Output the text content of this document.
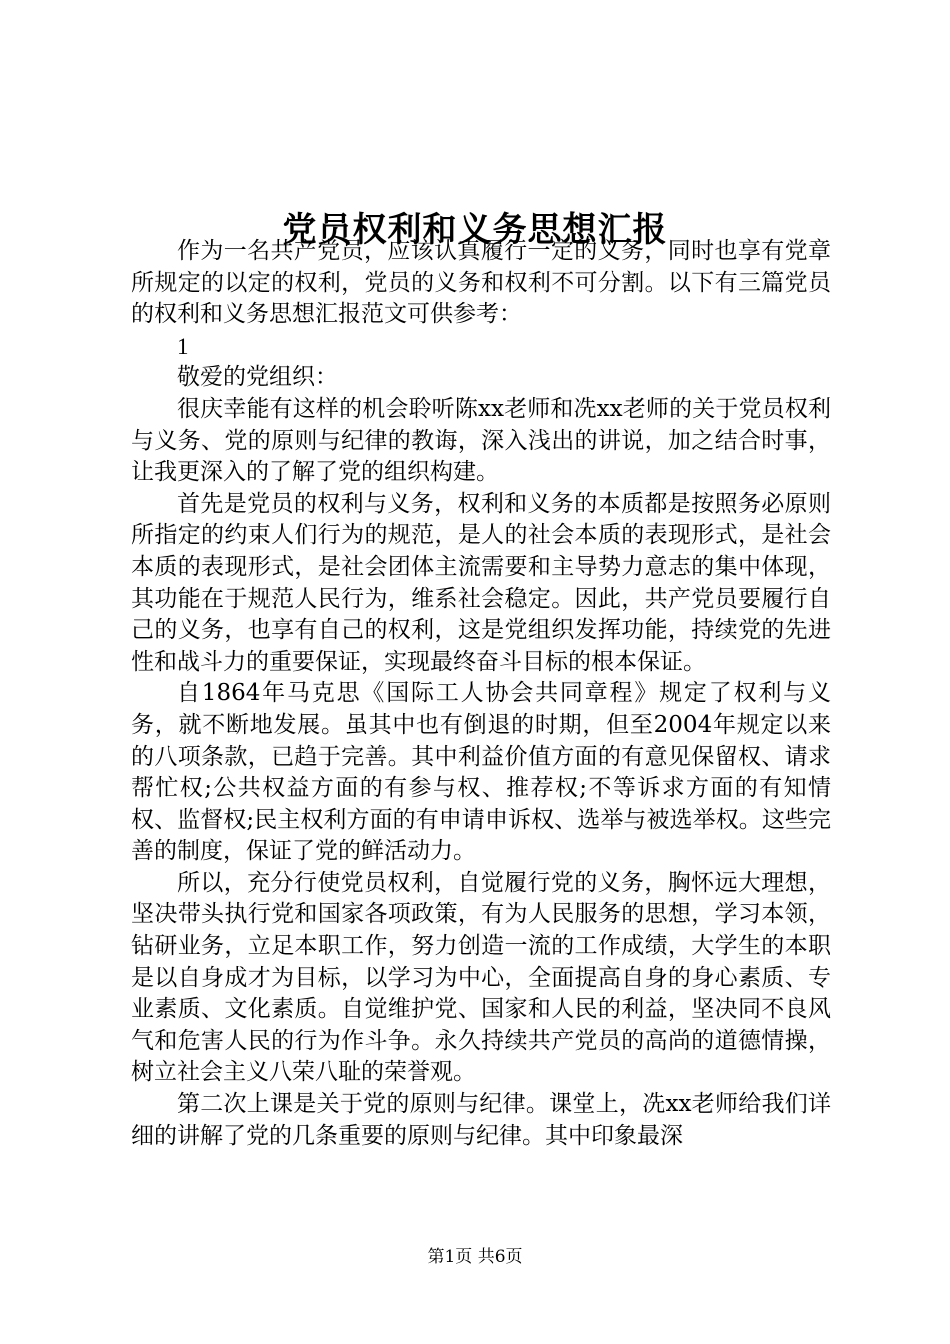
党员权利和义务思想汇报

作为一名共产党员，应该认真履行一定的义务，同时也享有党章所规定的以定的权利，党员的义务和权利不可分割。以下有三篇党员的权利和义务思想汇报范文可供参考：

1

敬爱的党组织：

很庆幸能有这样的机会聆听陈xx老师和冼xx老师的关于党员权利与义务、党的原则与纪律的教诲，深入浅出的讲说，加之结合时事，让我更深入的了解了党的组织构建。

首先是党员的权利与义务，权利和义务的本质都是按照务必原则所指定的约束人们行为的规范，是人的社会本质的表现形式，是社会本质的表现形式，是社会团体主流需要和主导势力意志的集中体现，其功能在于规范人民行为，维系社会稳定。因此，共产党员要履行自己的义务，也享有自己的权利，这是党组织发挥功能，持续党的先进性和战斗力的重要保证，实现最终奋斗目标的根本保证。

自1864年马克思《国际工人协会共同章程》规定了权利与义务，就不断地发展。虽其中也有倒退的时期，但至2004年规定以来的八项条款，已趋于完善。其中利益价值方面的有意见保留权、请求帮忙权;公共权益方面的有参与权、推荐权;不等诉求方面的有知情权、监督权;民主权利方面的有申请申诉权、选举与被选举权。这些完善的制度，保证了党的鲜活动力。

所以，充分行使党员权利，自觉履行党的义务，胸怀远大理想，坚决带头执行党和国家各项政策，有为人民服务的思想，学习本领，钻研业务，立足本职工作，努力创造一流的工作成绩，大学生的本职是以自身成才为目标，以学习为中心，全面提高自身的身心素质、专业素质、文化素质。自觉维护党、国家和人民的利益，坚决同不良风气和危害人民的行为作斗争。永久持续共产党员的高尚的道德情操，树立社会主义八荣八耻的荣誉观。

第二次上课是关于党的原则与纪律。课堂上，冼xx老师给我们详细的讲解了党的几条重要的原则与纪律。其中印象最深

第1页 共6页
